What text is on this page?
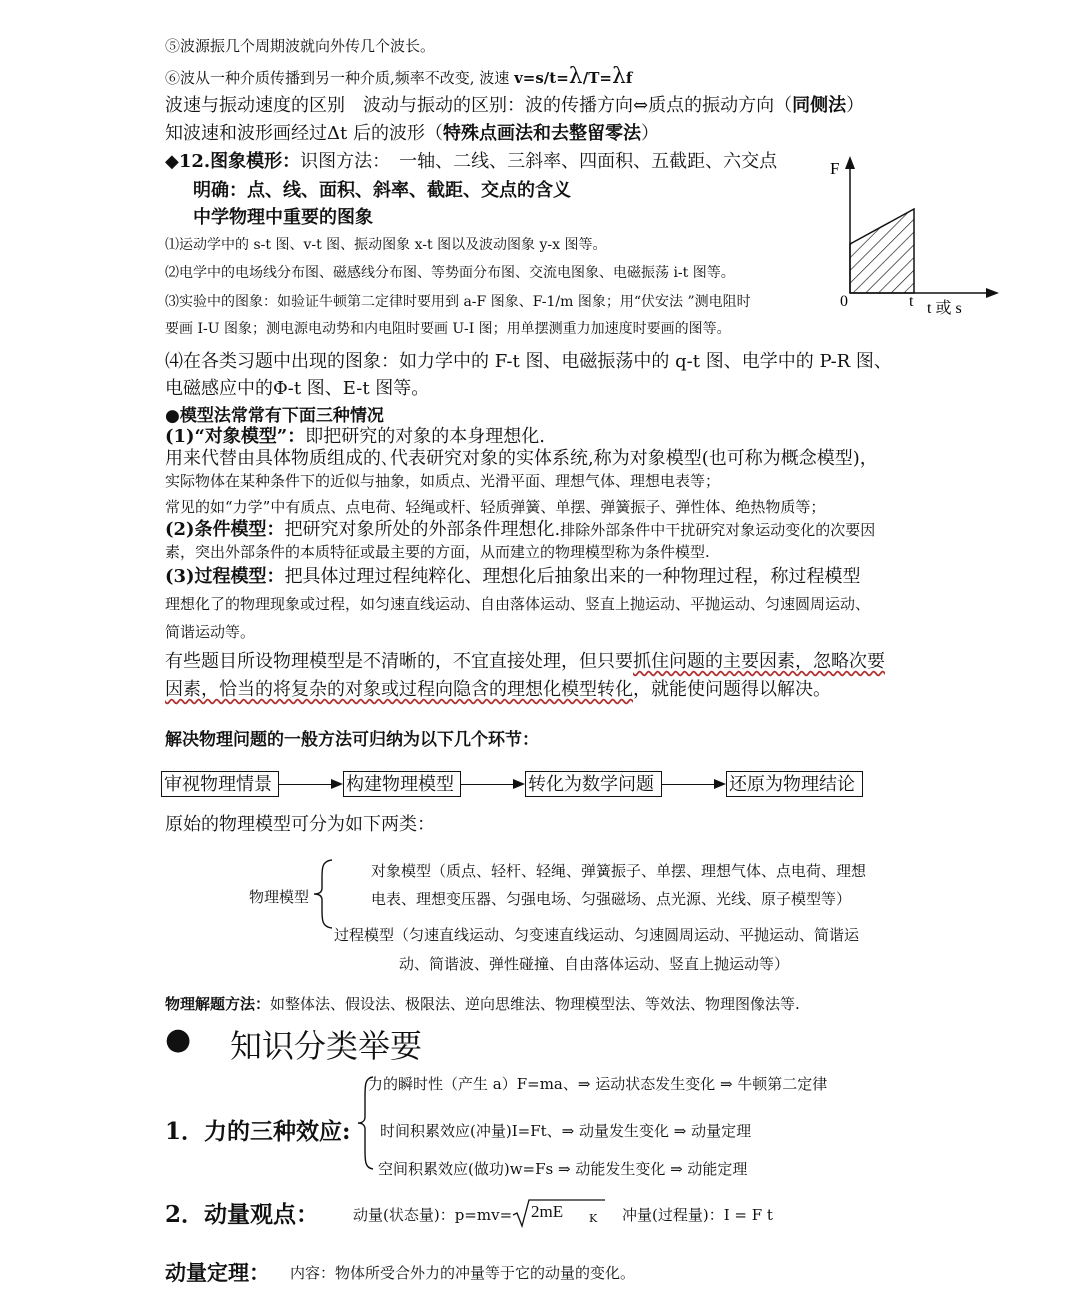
⑤波源振几个周期波就向外传几个波长。
⑥波从一种介质传播到另一种介质,频率不改变, 波速 v=s/t=λ/T=λf
波速与振动速度的区别　波动与振动的区别：波的传播方向⇔质点的振动方向（同侧法）
知波速和波形画经过Δt 后的波形（特殊点画法和去整留零法）
◆12.图象模形：识图方法：　一轴、二线、三斜率、四面积、五截距、六交点
明确：点、线、面积、斜率、截距、交点的含义
中学物理中重要的图象
⑴运动学中的 s-t 图、v-t 图、振动图象 x-t 图以及波动图象 y-x 图等。
⑵电学中的电场线分布图、磁感线分布图、等势面分布图、交流电图象、电磁振荡 i-t 图等。
⑶实验中的图象：如验证牛顿第二定律时要用到 a-F 图象、F-1/m 图象；用“伏安法 ”测电阻时
要画 I-U 图象；测电源电动势和内电阻时要画 U-I 图；用单摆测重力加速度时要画的图等。
⑷在各类习题中出现的图象：如力学中的 F-t 图、电磁振荡中的 q-t 图、电学中的 P-R 图、
电磁感应中的Φ-t 图、E-t 图等。
F
0	t t 或 s
●模型法常常有下面三种情况
(1)“对象模型”：即把研究的对象的本身理想化.
用来代替由具体物质组成的､代表研究对象的实体系统,称为对象模型(也可称为概念模型)，
实际物体在某种条件下的近似与抽象，如质点、光滑平面、理想气体、理想电表等；
常见的如“力学”中有质点、点电荷、轻绳或杆、轻质弹簧、单摆、弹簧振子、弹性体、绝热物质等；
(2)条件模型：把研究对象所处的外部条件理想化.排除外部条件中干扰研究对象运动变化的次要因
素，突出外部条件的本质特征或最主要的方面，从而建立的物理模型称为条件模型.
(3)过程模型：把具体过理过程纯粹化、理想化后抽象出来的一种物理过程，称过程模型
理想化了的物理现象或过程，如匀速直线运动、自由落体运动、竖直上抛运动、平抛运动、匀速圆周运动、
简谐运动等。
有些题目所设物理模型是不清晰的，不宜直接处理，但只要抓住问题的主要因素，忽略次要
因素，恰当的将复杂的对象或过程向隐含的理想化模型转化，就能使问题得以解决。
解决物理问题的一般方法可归纳为以下几个环节：
审视物理情景	构建物理模型	转化为数学问题	还原为物理结论
原始的物理模型可分为如下两类：
物理模型
对象模型（质点、轻杆、轻绳、弹簧振子、单摆、理想气体、点电荷、理想
电表、理想变压器、匀强电场、匀强磁场、点光源、光线、原子模型等）
过程模型（匀速直线运动、匀变速直线运动、匀速圆周运动、平抛运动、简谐运
动、简谐波、弹性碰撞、自由落体运动、竖直上抛运动等）
物理解题方法：如整体法、假设法、极限法、逆向思维法、物理模型法、等效法、物理图像法等.
● 知识分类举要
1．力的三种效应:
力的瞬时性（产生 a）F=ma、⇒ 运动状态发生变化 ⇒ 牛顿第二定律
时间积累效应(冲量)I=Ft、⇒ 动量发生变化 ⇒ 动量定理
空间积累效应(做功)w=Fs ⇒ 动能发生变化 ⇒ 动能定理
2．动量观点： 动量(状态量)：p=mv= 2mE K 冲量(过程量)：I = F t
动量定理： 内容：物体所受合外力的冲量等于它的动量的变化。
